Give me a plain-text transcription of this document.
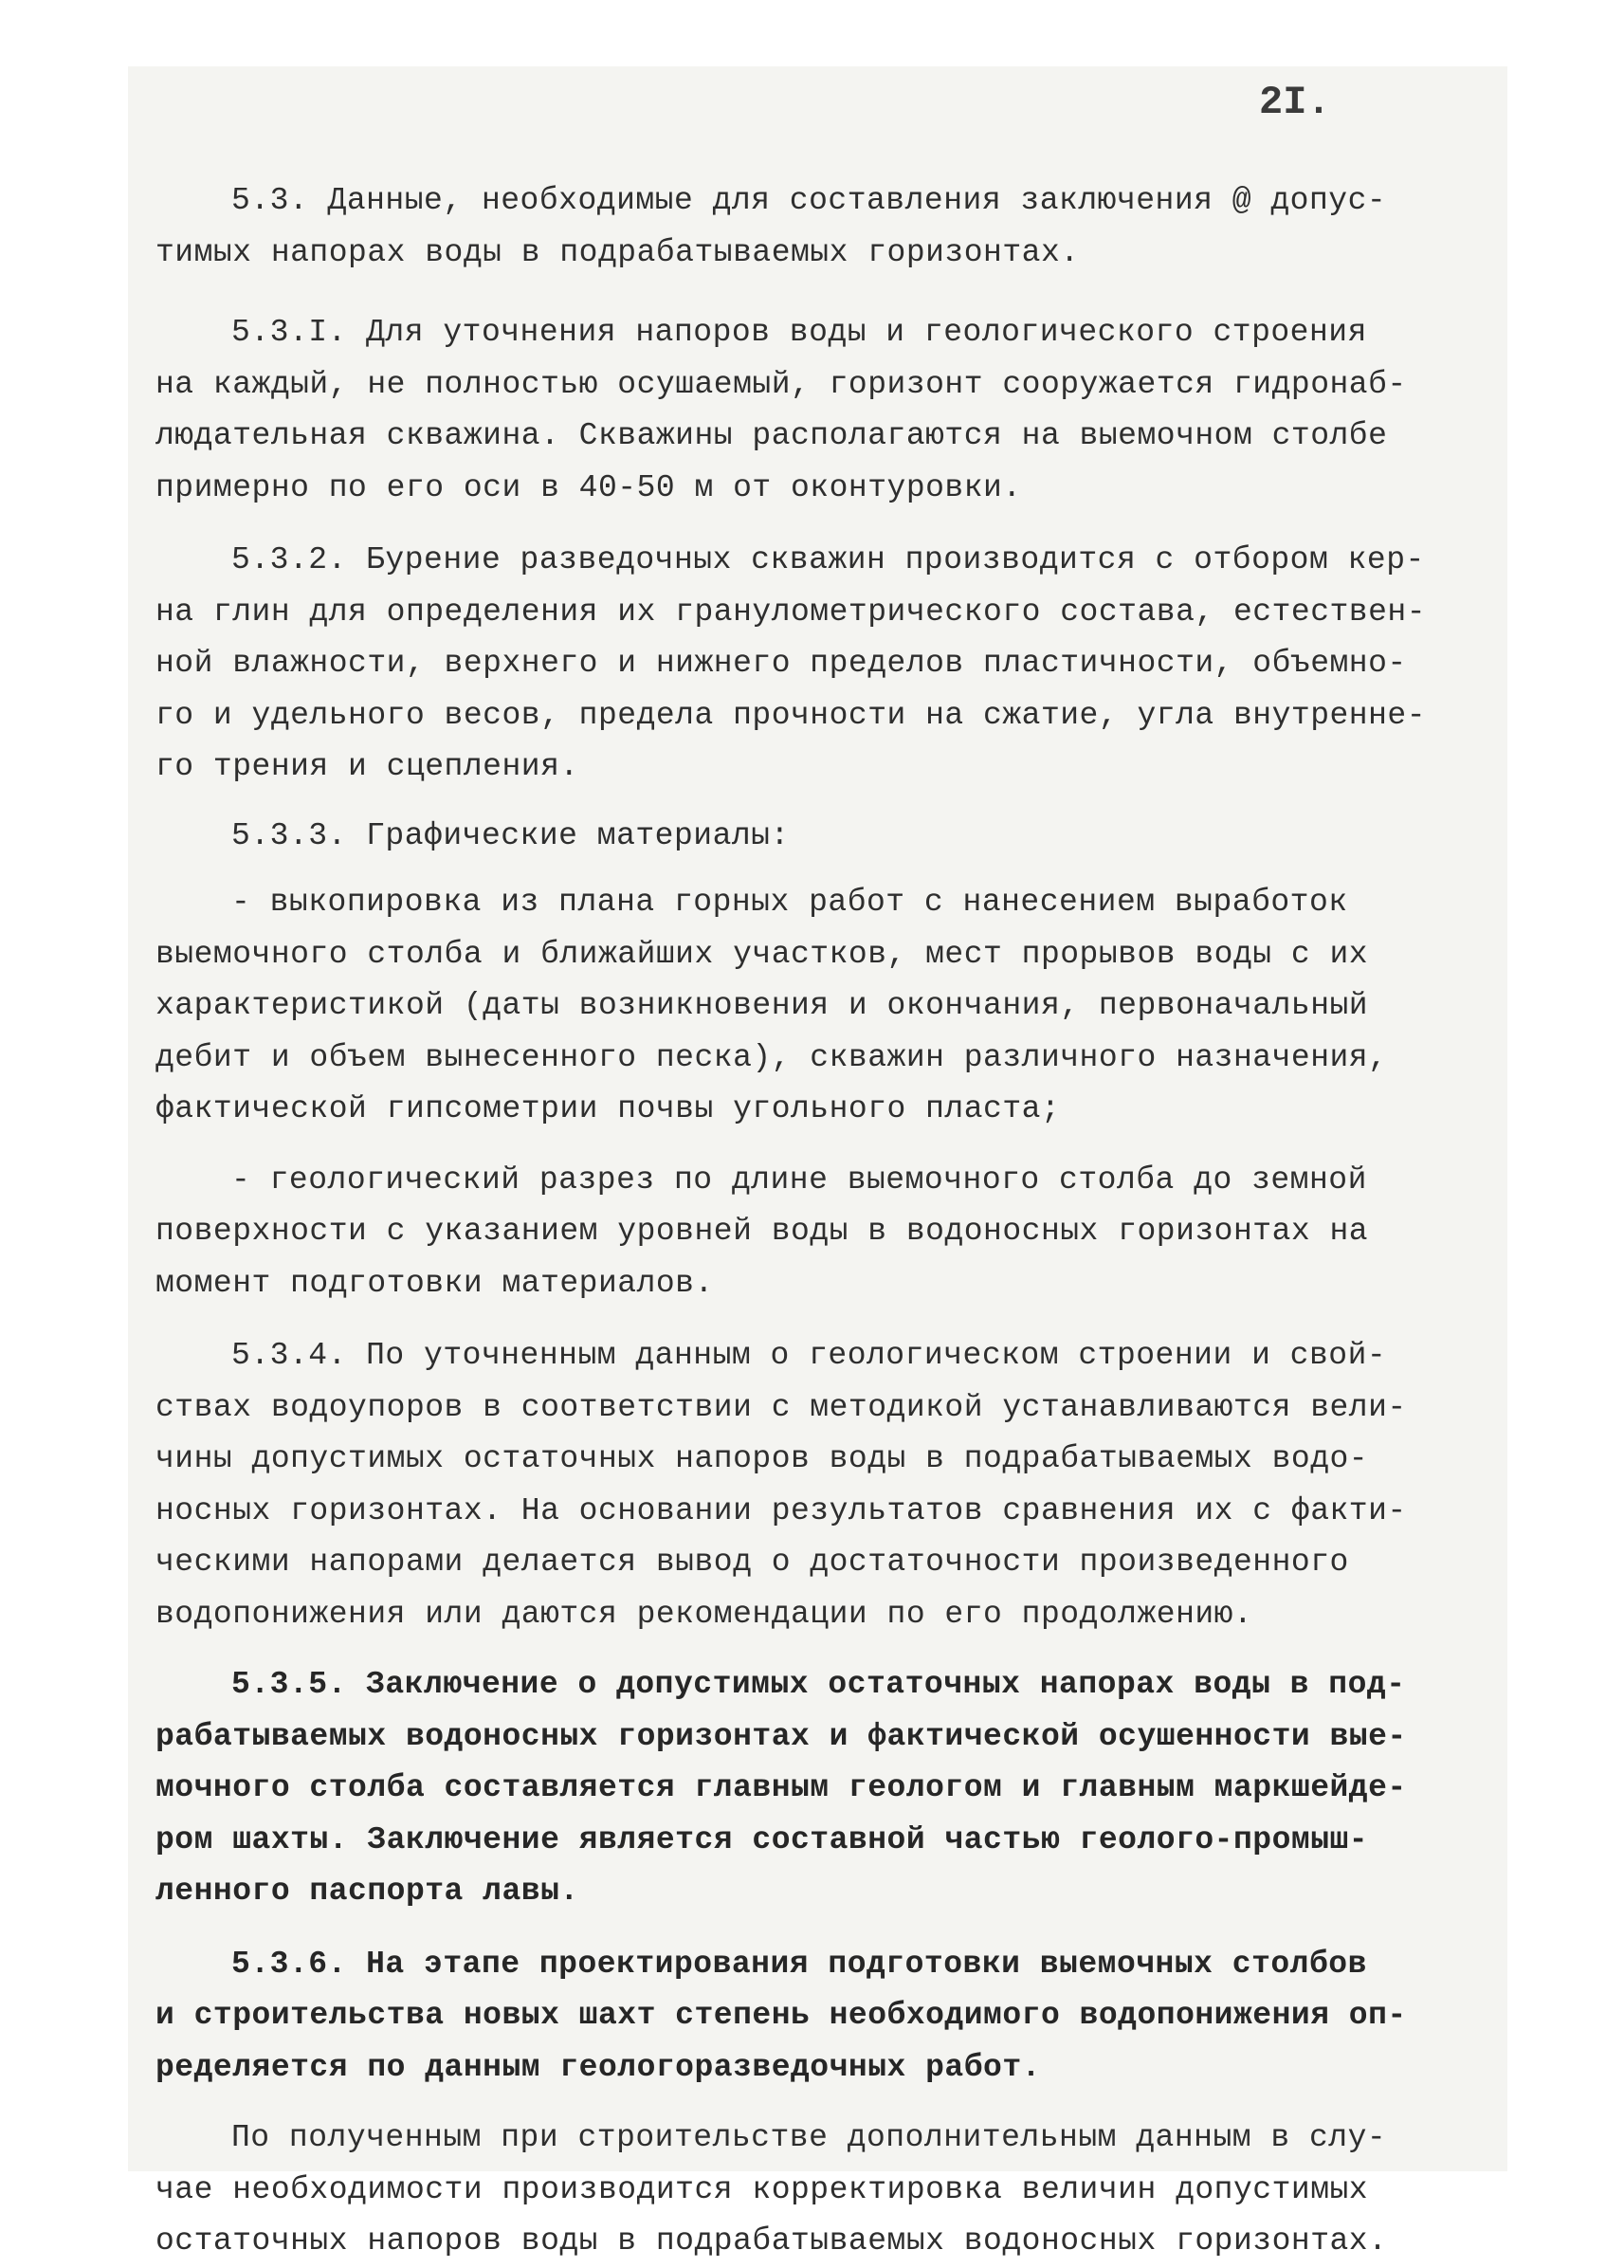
2I.
5.3. Данные, необходимые для составления заключения @ допус-
тимых напорах воды в подрабатываемых горизонтах.
5.3.I. Для уточнения напоров воды и геологического строения
на каждый, не полностью осушаемый, горизонт сооружается гидронаб-
людательная скважина. Скважины располагаются на выемочном столбе
примерно по его оси в 40-50 м от оконтуровки.
5.3.2. Бурение разведочных скважин производится с отбором кер-
на глин для определения их гранулометрического состава, естествен-
ной влажности, верхнего и нижнего пределов пластичности, объемно-
го и удельного весов, предела прочности на сжатие, угла внутренне-
го трения и сцепления.
5.3.3. Графические материалы:
- выкопировка из плана горных работ с нанесением выработок
выемочного столба и ближайших участков, мест прорывов воды с их
характеристикой (даты возникновения и окончания, первоначальный
дебит и объем вынесенного песка), скважин различного назначения,
фактической гипсометрии почвы угольного пласта;
- геологический разрез по длине выемочного столба до земной
поверхности с указанием уровней воды в водоносных горизонтах на
момент подготовки материалов.
5.3.4. По уточненным данным о геологическом строении и свой-
ствах водоупоров в соответствии с методикой устанавливаются вели-
чины допустимых остаточных напоров воды в подрабатываемых водо-
носных горизонтах. На основании результатов сравнения их с факти-
ческими напорами делается вывод о достаточности произведенного
водопонижения или даются рекомендации по его продолжению.
5.3.5. Заключение о допустимых остаточных напорах воды в под-
рабатываемых водоносных горизонтах и фактической осушенности вые-
мочного столба составляется главным геологом и главным маркшейде-
ром шахты. Заключение является составной частью геолого-промыш-
ленного паспорта лавы.
5.3.6. На этапе проектирования подготовки выемочных столбов
и строительства новых шахт степень необходимого водопонижения оп-
ределяется по данным геологоразведочных работ.
По полученным при строительстве дополнительным данным в слу-
чае необходимости производится корректировка величин допустимых
остаточных напоров воды в подрабатываемых водоносных горизонтах.
